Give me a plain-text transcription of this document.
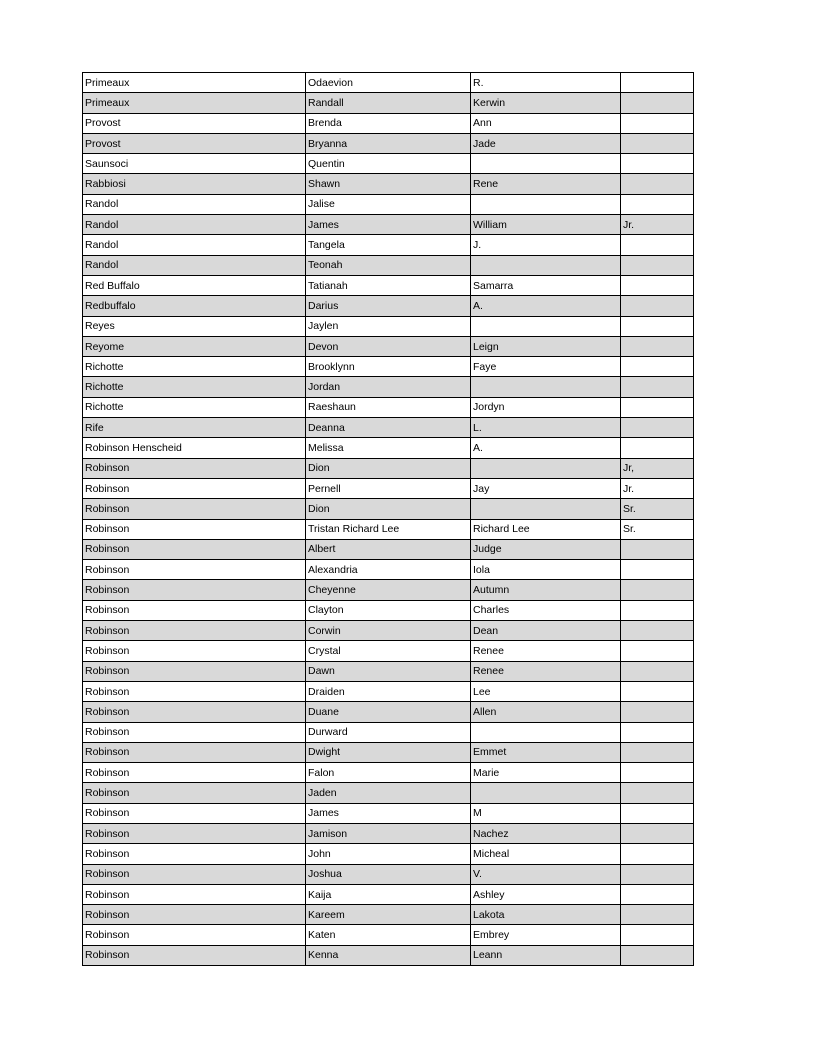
Primeaux	Odaevion	R.	
Primeaux	Randall	Kerwin	
Provost	Brenda	Ann	
Provost	Bryanna	Jade	
Saunsoci	Quentin		
Rabbiosi	Shawn	Rene	
Randol	Jalise		
Randol	James	William	Jr.
Randol	Tangela	J.	
Randol	Teonah		
Red Buffalo	Tatianah	Samarra	
Redbuffalo	Darius	A.	
Reyes	Jaylen		
Reyome	Devon	Leign	
Richotte	Brooklynn	Faye	
Richotte	Jordan		
Richotte	Raeshaun	Jordyn	
Rife	Deanna	L.	
Robinson Henscheid	Melissa	A.	
Robinson	Dion		Jr,
Robinson	Pernell	Jay	Jr.
Robinson	Dion		Sr.
Robinson	Tristan Richard Lee	Richard Lee	Sr.
Robinson	Albert	Judge	
Robinson	Alexandria	Iola	
Robinson	Cheyenne	Autumn	
Robinson	Clayton	Charles	
Robinson	Corwin	Dean	
Robinson	Crystal	Renee	
Robinson	Dawn	Renee	
Robinson	Draiden	Lee	
Robinson	Duane	Allen	
Robinson	Durward		
Robinson	Dwight	Emmet	
Robinson	Falon	Marie	
Robinson	Jaden		
Robinson	James	M	
Robinson	Jamison	Nachez	
Robinson	John	Micheal	
Robinson	Joshua	V.	
Robinson	Kaija	Ashley	
Robinson	Kareem	Lakota	
Robinson	Katen	Embrey	
Robinson	Kenna	Leann	
